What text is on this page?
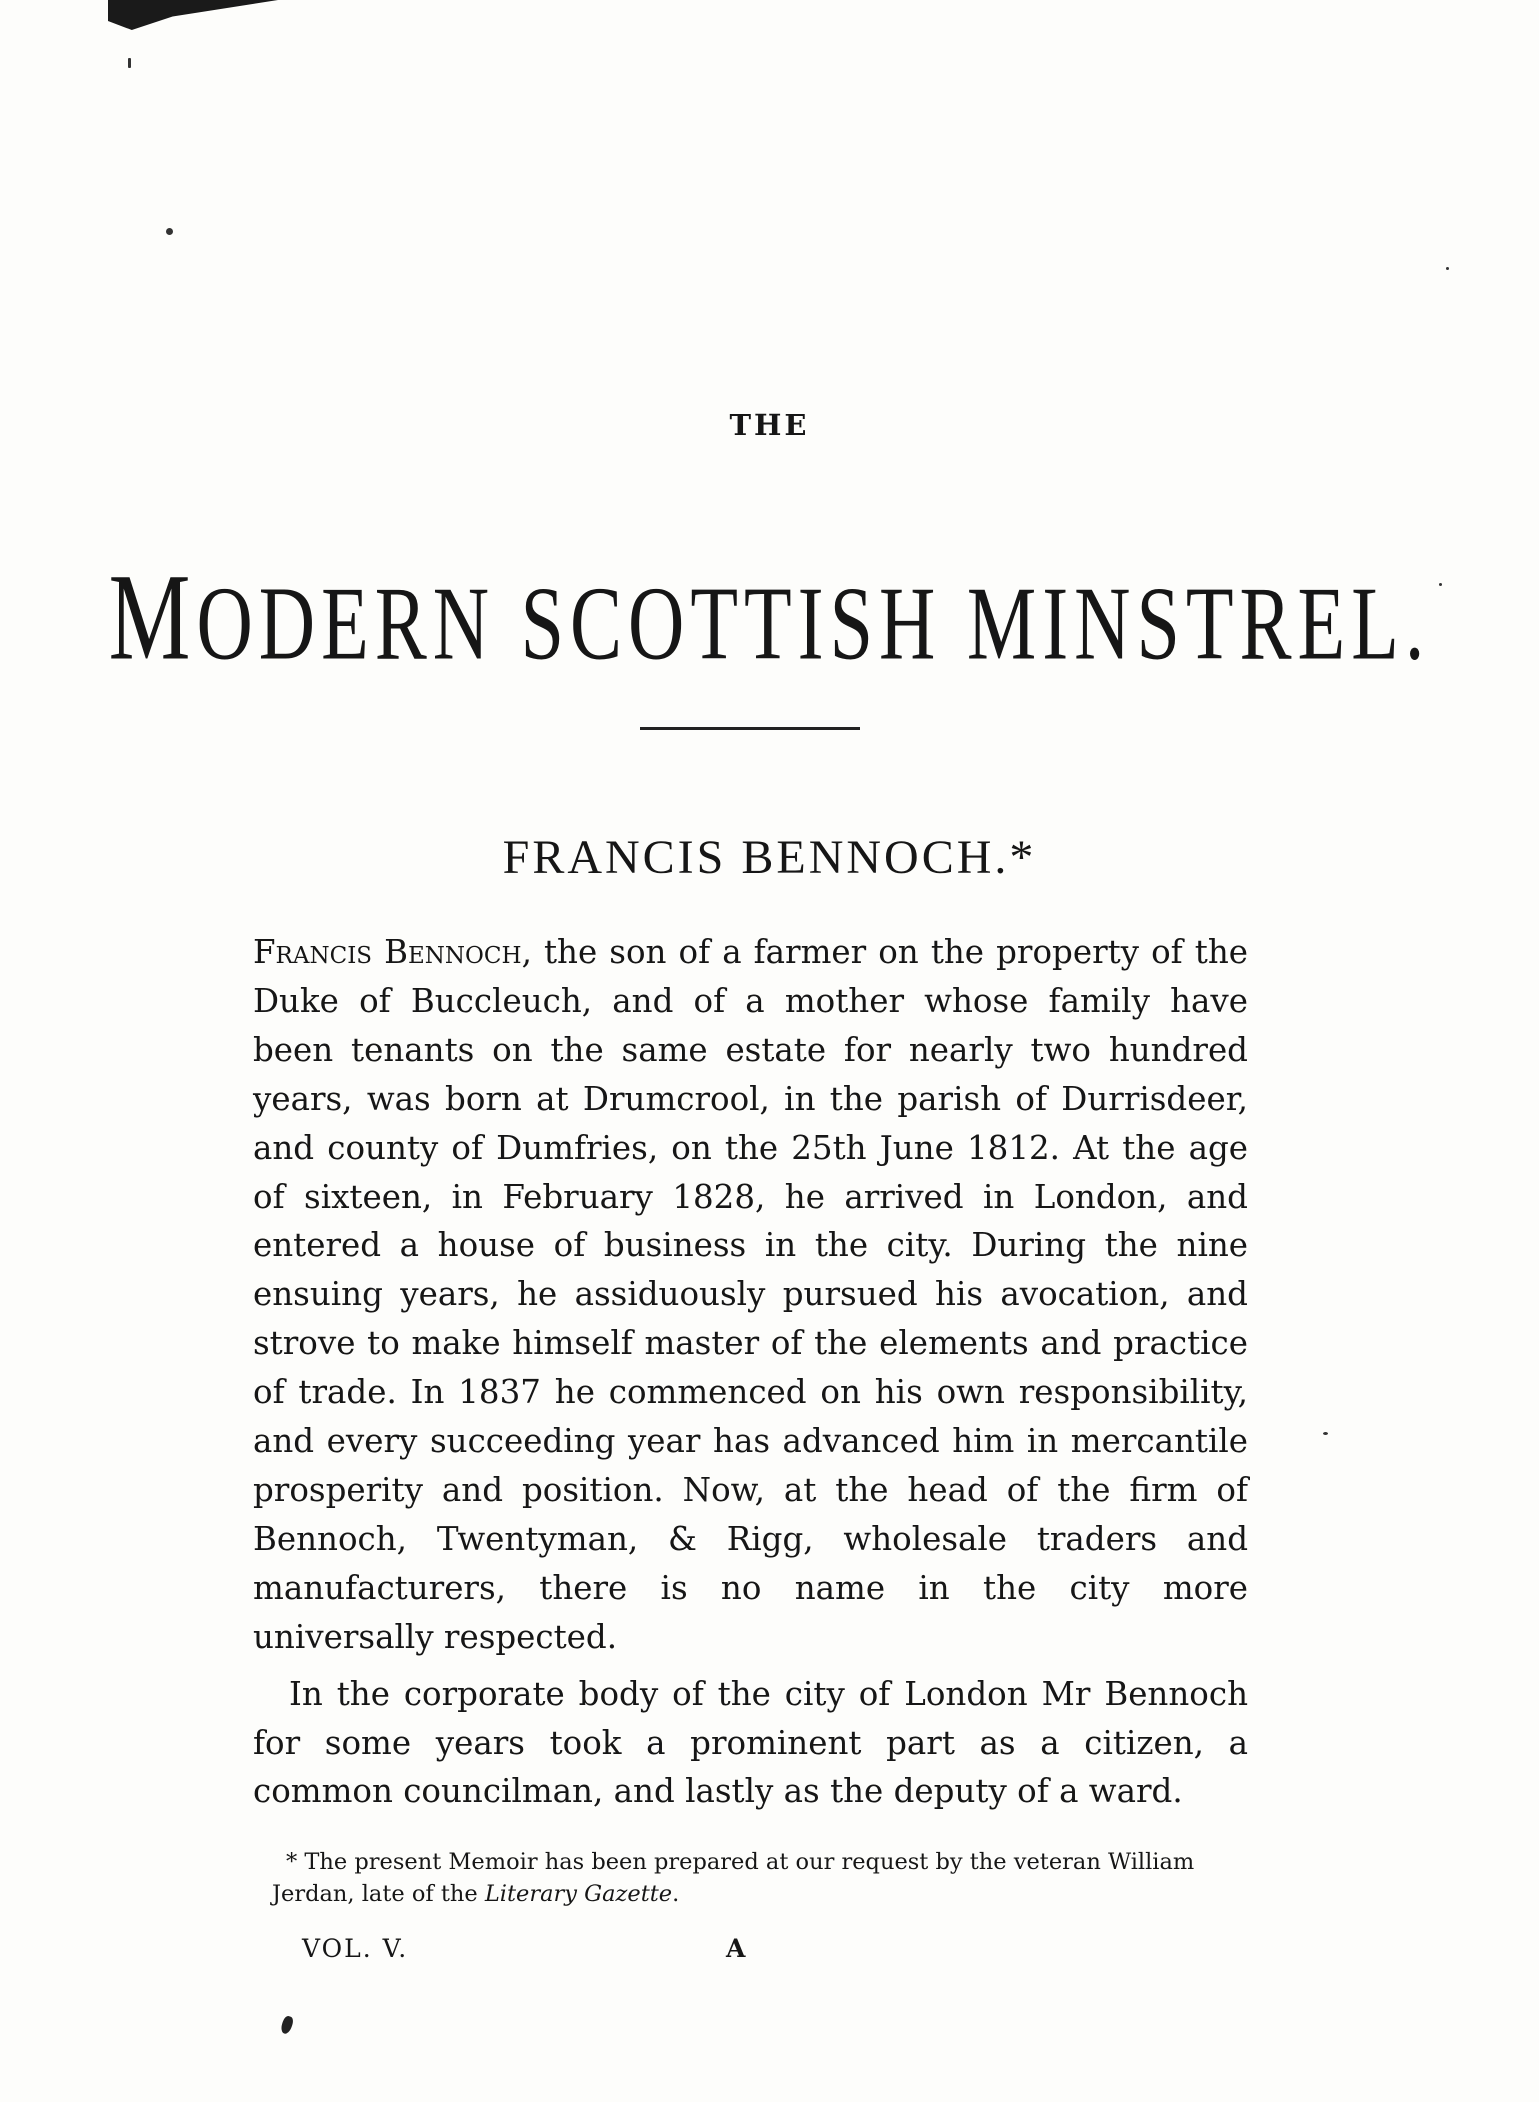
THE
MODERN SCOTTISH MINSTREL.
FRANCIS BENNOCH.*

Francis Bennoch, the son of a farmer on the property of the Duke of Buccleuch, and of a mother whose family have been tenants on the same estate for nearly two hundred years, was born at Drumcrool, in the parish of Durrisdeer, and county of Dumfries, on the 25th June 1812. At the age of sixteen, in February 1828, he arrived in London, and entered a house of business in the city. During the nine ensuing years, he assiduously pursued his avocation, and strove to make himself master of the elements and practice of trade. In 1837 he commenced on his own responsibility, and every succeeding year has advanced him in mercantile prosperity and position. Now, at the head of the firm of Bennoch, Twentyman, & Rigg, wholesale traders and manufacturers, there is no name in the city more universally respected.

In the corporate body of the city of London Mr Bennoch for some years took a prominent part as a citizen, a common councilman, and lastly as the deputy of a ward.

* The present Memoir has been prepared at our request by the veteran William Jerdan, late of the Literary Gazette.

VOL. V.	A
